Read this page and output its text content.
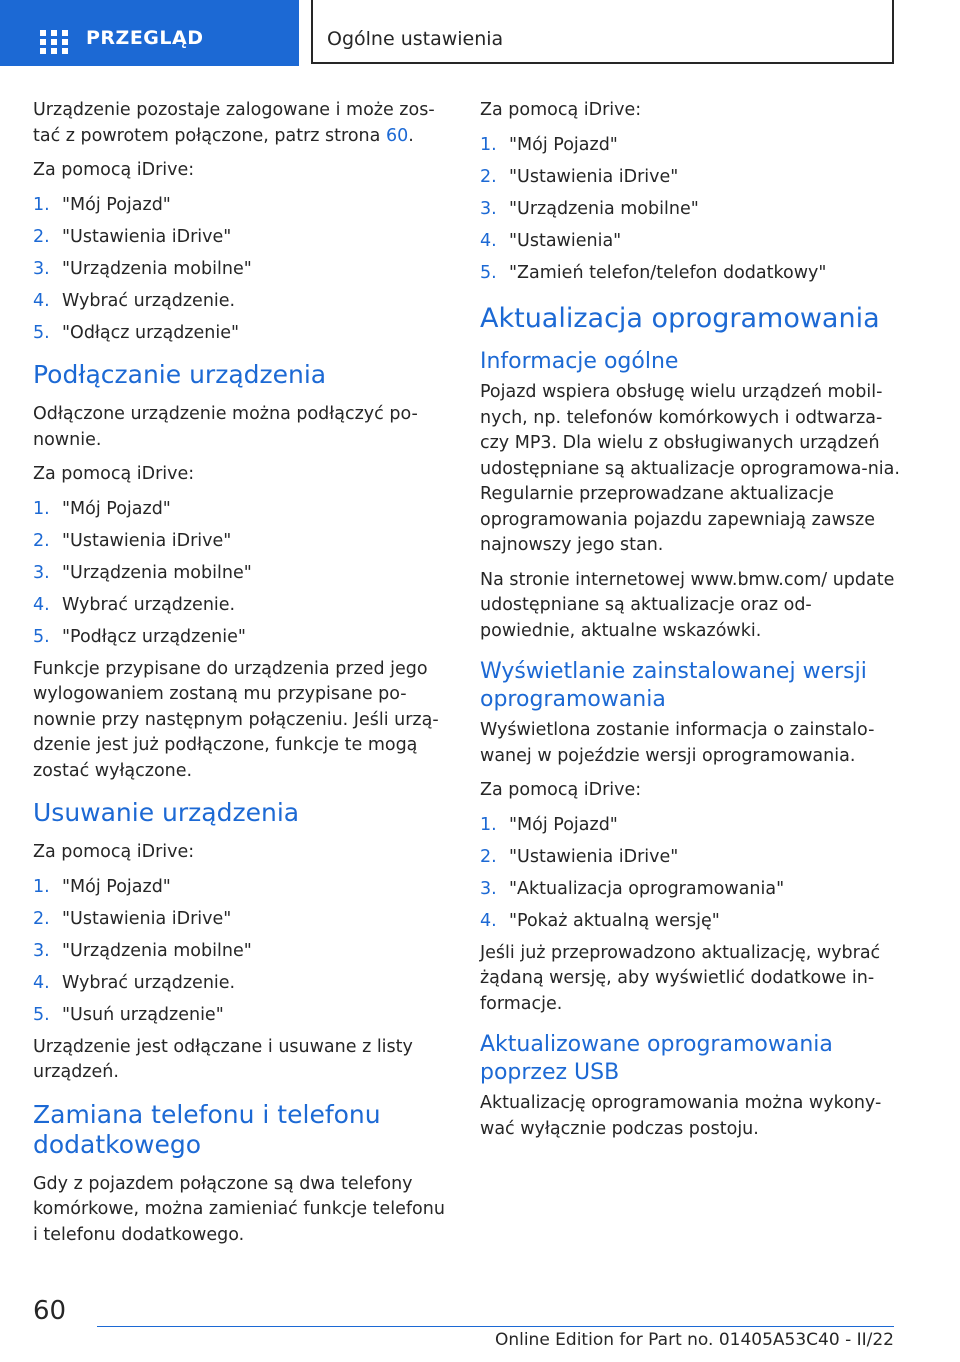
PRZEGLĄD	Ogólne ustawienia

Urządzenie pozostaje zalogowane i może zos-tać z powrotem połączone, patrz strona 60.

Za pomocą iDrive:

1. "Mój Pojazd"
2. "Ustawienia iDrive"
3. "Urządzenia mobilne"
4. Wybrać urządzenie.
5. "Odłącz urządzenie"
Podłączanie urządzenia

Odłączone urządzenie można podłączyć po-nownie.

Za pomocą iDrive:

1. "Mój Pojazd"
2. "Ustawienia iDrive"
3. "Urządzenia mobilne"
4. Wybrać urządzenie.
5. "Podłącz urządzenie"

Funkcje przypisane do urządzenia przed jego wylogowaniem zostaną mu przypisane po-nownie przy następnym połączeniu. Jeśli urzą-dzenie jest już podłączone, funkcje te mogą zostać wyłączone.

Usuwanie urządzenia

Za pomocą iDrive:

1. "Mój Pojazd"
2. "Ustawienia iDrive"
3. "Urządzenia mobilne"
4. Wybrać urządzenie.
5. "Usuń urządzenie"

Urządzenie jest odłączane i usuwane z listy urządzeń.

Zamiana telefonu i telefonu dodatkowego

Gdy z pojazdem połączone są dwa telefony komórkowe, można zamieniać funkcje telefonu i telefonu dodatkowego.

Za pomocą iDrive:

1. "Mój Pojazd"
2. "Ustawienia iDrive"
3. "Urządzenia mobilne"
4. "Ustawienia"
5. "Zamień telefon/telefon dodatkowy"
Aktualizacja oprogramowania
Informacje ogólne

Pojazd wspiera obsługę wielu urządzeń mobil-nych, np. telefonów komórkowych i odtwarza-czy MP3. Dla wielu z obsługiwanych urządzeń udostępniane są aktualizacje oprogramowa-nia. Regularnie przeprowadzane aktualizacje oprogramowania pojazdu zapewniają zawsze najnowszy jego stan.

Na stronie internetowej www.bmw.com/ update udostępniane są aktualizacje oraz od-powiednie, aktualne wskazówki.

Wyświetlanie zainstalowanej wersji oprogramowania

Wyświetlona zostanie informacja o zainstalo-wanej w pojeździe wersji oprogramowania.

Za pomocą iDrive:

1. "Mój Pojazd"
2. "Ustawienia iDrive"
3. "Aktualizacja oprogramowania"
4. "Pokaż aktualną wersję"

Jeśli już przeprowadzono aktualizację, wybrać żądaną wersję, aby wyświetlić dodatkowe in-formacje.

Aktualizowane oprogramowania poprzez USB

Aktualizację oprogramowania można wykony-wać wyłącznie podczas postoju.

60
Online Edition for Part no. 01405A53C40 - II/22
